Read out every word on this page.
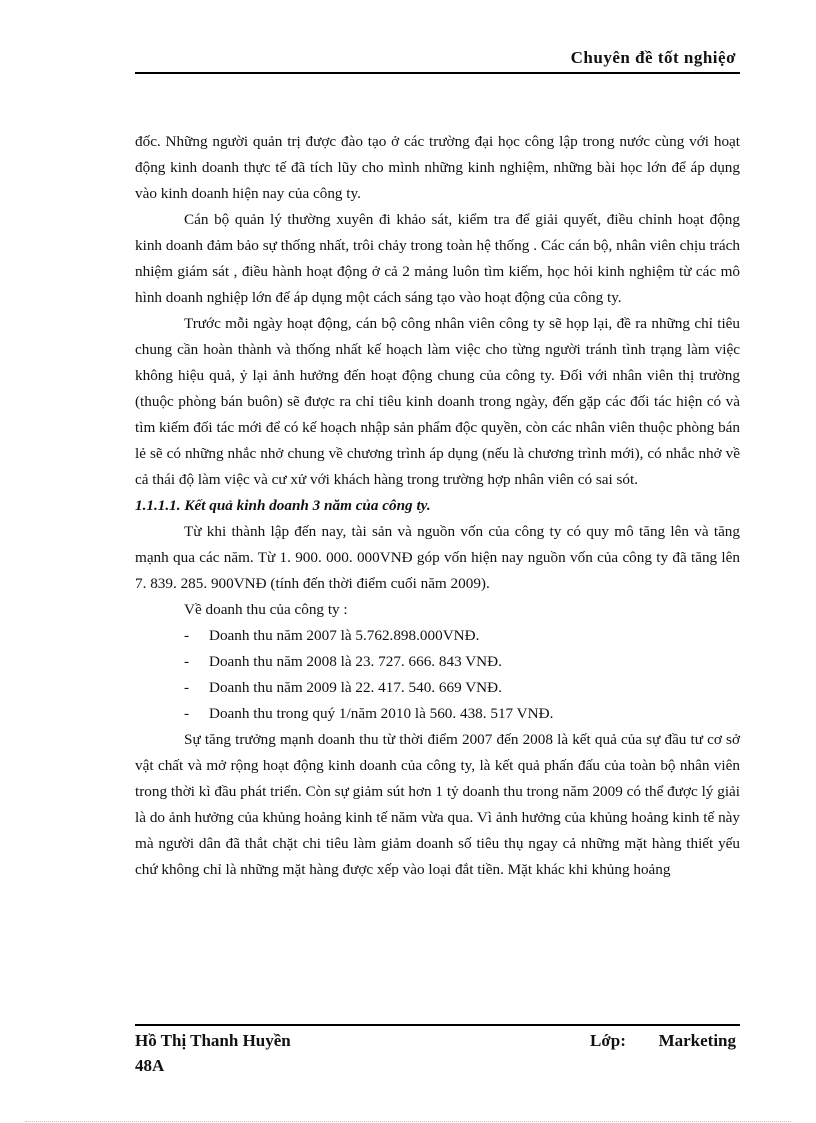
Chuyên đề tốt nghiệơ

đốc. Những người quản trị được đào tạo ở các trường đại học công lập trong nước cùng với hoạt động kinh doanh thực tế đã tích lũy cho mình những kinh nghiệm, những bài học lớn để áp dụng vào kinh doanh hiện nay của công ty.

Cán bộ quản lý thường xuyên đi khảo sát, kiểm tra để giải quyết, điều chỉnh hoạt động kinh doanh đảm bảo sự thống nhất, trôi chảy trong toàn hệ thống . Các cán bộ, nhân viên chịu trách nhiệm giám sát , điều hành hoạt động ở cả 2 mảng luôn tìm kiếm, học hỏi kinh nghiệm từ các mô hình doanh nghiệp lớn để áp dụng một cách sáng tạo vào hoạt động của công ty.

Trước mỗi ngày hoạt động, cán bộ công nhân viên công ty sẽ họp lại, đề ra những chỉ tiêu chung cần hoàn thành và thống nhất kế hoạch làm việc cho từng người tránh tình trạng làm việc không hiệu quả, ỷ lại ảnh hưởng đến hoạt động chung của công ty. Đối với nhân viên thị trường (thuộc phòng bán buôn) sẽ được ra chỉ tiêu kinh doanh trong ngày, đến gặp các đối tác hiện có và tìm kiếm đối tác mới để có kế hoạch nhập sản phẩm độc quyền, còn các nhân viên thuộc phòng bán lẻ sẽ có những nhắc nhở chung về chương trình áp dụng (nếu là chương trình mới), có nhắc nhở về cả thái độ làm việc và cư xử với khách hàng trong trường hợp nhân viên có sai sót.

1.1.1.1. Kết quả kinh doanh 3 năm của công ty.

Từ khi thành lập đến nay, tài sản và nguồn vốn của công ty có quy mô tăng lên và tăng mạnh qua các năm. Từ 1. 900. 000. 000VNĐ góp vốn hiện nay nguồn vốn của công ty đã tăng lên 7. 839. 285. 900VNĐ (tính đến thời điểm cuối năm 2009).

Về doanh thu của công ty :

- Doanh thu năm 2007 là 5.762.898.000VNĐ.

- Doanh thu năm 2008 là 23. 727. 666. 843 VNĐ.

- Doanh thu năm 2009 là 22. 417. 540. 669 VNĐ.

- Doanh thu trong quý 1/năm 2010 là 560. 438. 517 VNĐ.

Sự tăng trưởng mạnh doanh thu từ thời điểm 2007 đến 2008 là kết quả của sự đầu tư cơ sở vật chất và mở rộng hoạt động kinh doanh của công ty, là kết quả phấn đấu của toàn bộ nhân viên trong thời kì đầu phát triển. Còn sự giảm sút hơn 1 tỷ doanh thu trong năm 2009 có thể được lý giải là do ảnh hưởng của khủng hoảng kinh tế năm vừa qua. Vì ảnh hưởng của khủng hoảng kinh tế này mà người dân đã thắt chặt chi tiêu làm giảm doanh số tiêu thụ ngay cả những mặt hàng thiết yếu chứ không chỉ là những mặt hàng được xếp vào loại đắt tiền. Mặt khác khi khủng hoảng

Hồ Thị Thanh Huyền	Lớp: Marketing
48A
